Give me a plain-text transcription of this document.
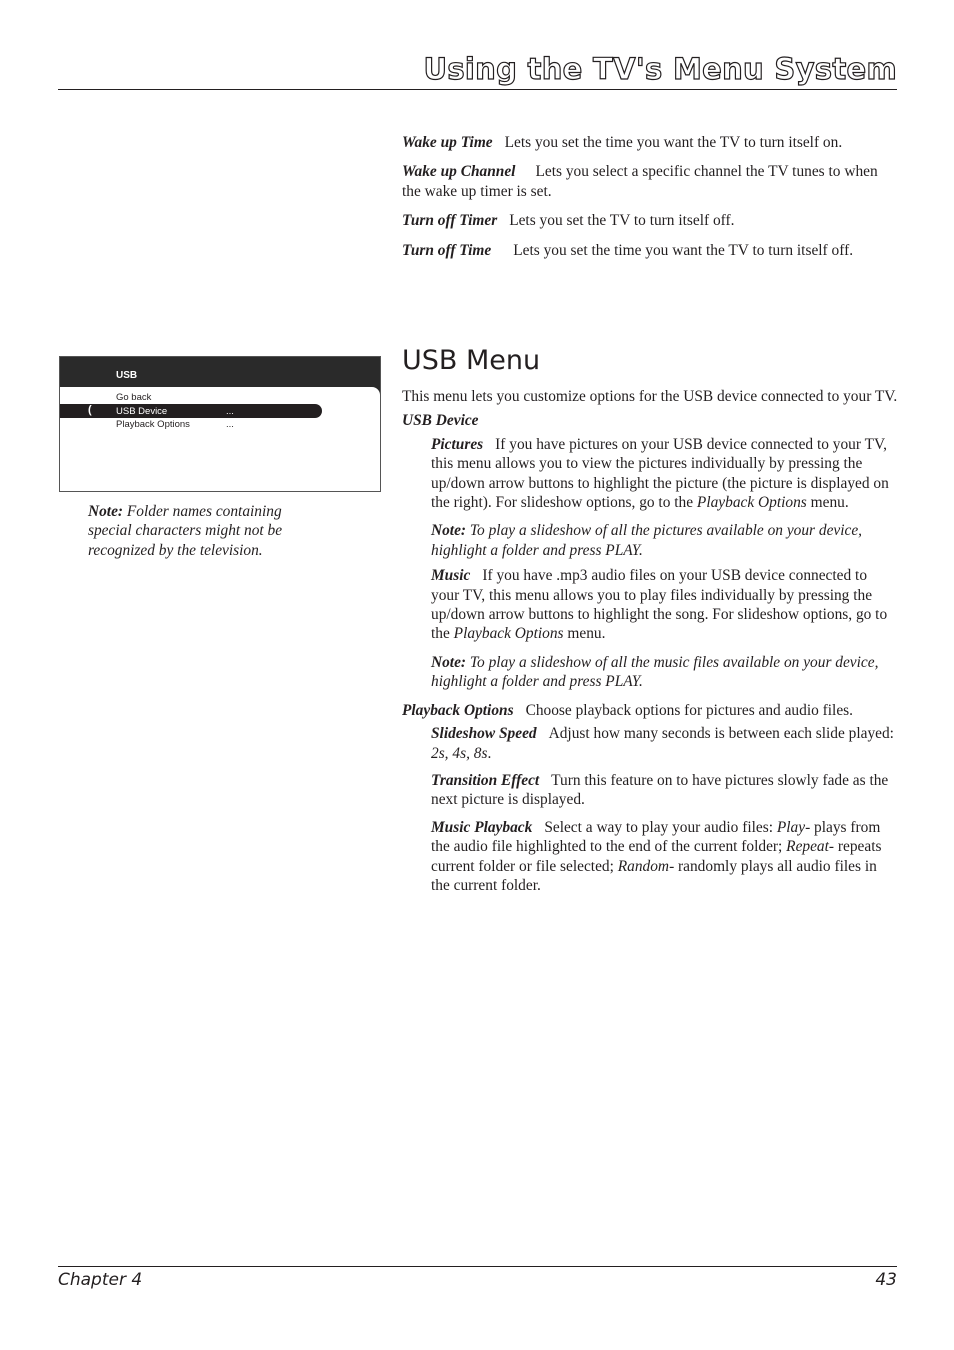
Using the TV's Menu System

Wake up Time Lets you set the time you want the TV to turn itself on.

Wake up Channel Lets you select a specific channel the TV tunes to when the wake up timer is set.

Turn off Timer Lets you set the TV to turn itself off.

Turn off Time Lets you set the time you want the TV to turn itself off.

USB
(
Go back
USB Device	...
Playback Options	...
Note: Folder names containing special characters might not be recognized by the television.
USB Menu

This menu lets you customize options for the USB device connected to your TV.

USB Device

Pictures If you have pictures on your USB device connected to your TV, this menu allows you to view the pictures individually by pressing the up/down arrow buttons to highlight the picture (the picture is displayed on the right). For slideshow options, go to the Playback Options menu.

Note: To play a slideshow of all the pictures available on your device, highlight a folder and press PLAY.

Music If you have .mp3 audio files on your USB device connected to your TV, this menu allows you to play files individually by pressing the up/down arrow buttons to highlight the song. For slideshow options, go to the Playback Options menu.

Note: To play a slideshow of all the music files available on your device, highlight a folder and press PLAY.

Playback Options Choose playback options for pictures and audio files.

Slideshow Speed Adjust how many seconds is between each slide played: 2s, 4s, 8s.

Transition Effect Turn this feature on to have pictures slowly fade as the next picture is displayed.

Music Playback Select a way to play your audio files: Play- plays from the audio file highlighted to the end of the current folder; Repeat- repeats current folder or file selected; Random- randomly plays all audio files in the current folder.

Chapter 4	43
